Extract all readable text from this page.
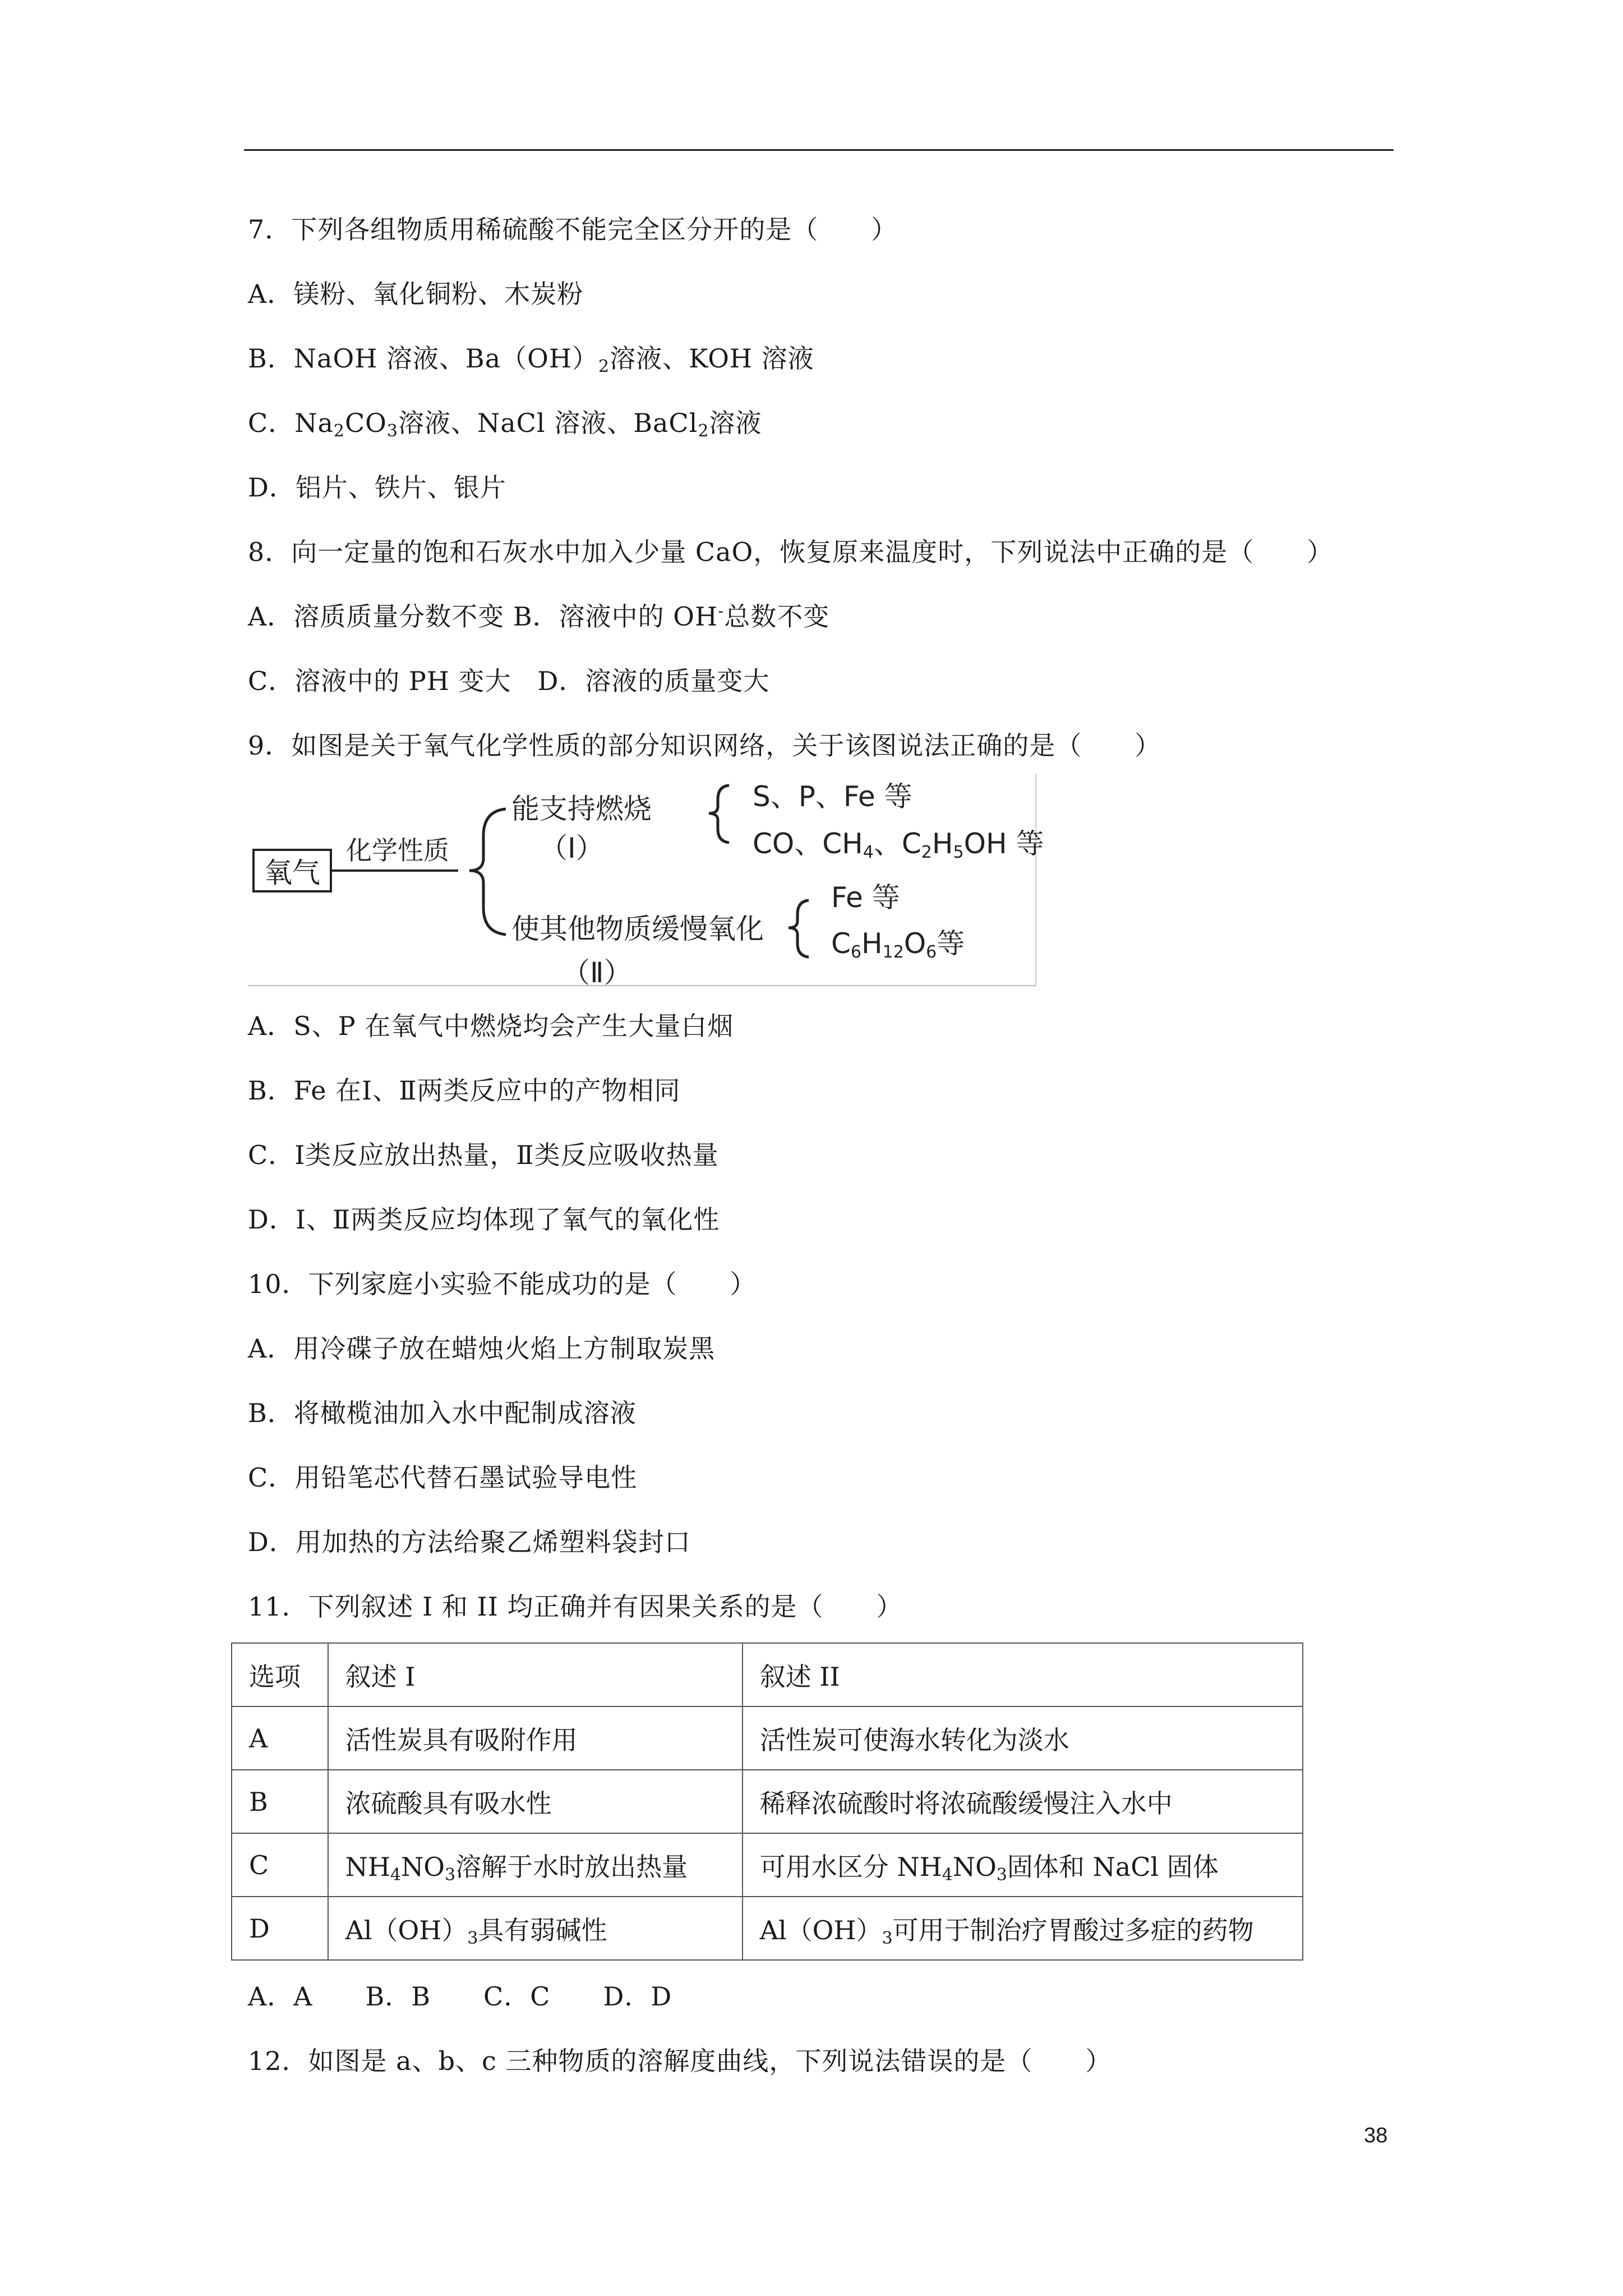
7．下列各组物质用稀硫酸不能完全区分开的是（　　）
A．镁粉、氧化铜粉、木炭粉
B．NaOH 溶液、$Ba(OH)_2$溶液、KOH 溶液
C．$Na_2CO_3$溶液、NaCl 溶液、BaCl$_2$溶液
D．铝片、铁片、银片
8．向一定量的饱和石灰水中加入少量 CaO，恢复原来温度时，下列说法中正确的是（　　）
A．溶质质量分数不变 B．溶液中的 OH-总数不变
C．溶液中的 PH 变大　D．溶液的质量变大
9．如图是关于氧气化学性质的部分知识网络，关于该图说法正确的是（　　）
氧气
化学性质
能支持燃烧
（Ⅰ）
S、P、Fe 等
CO、$CH_4$、$C_2H_5OH$ 等
使其他物质缓慢氧化
（Ⅱ）
Fe 等
$C_6H_{12}O_6$等
A．S、P 在氧气中燃烧均会产生大量白烟
B．Fe 在Ⅰ、Ⅱ两类反应中的产物相同
C．Ⅰ类反应放出热量，Ⅱ类反应吸收热量
D．Ⅰ、Ⅱ两类反应均体现了氧气的氧化性
10．下列家庭小实验不能成功的是（　　）
A．用冷碟子放在蜡烛火焰上方制取炭黑
B．将橄榄油加入水中配制成溶液
C．用铅笔芯代替石墨试验导电性
D．用加热的方法给聚乙烯塑料袋封口
11．下列叙述 I 和 II 均正确并有因果关系的是（　　）
选项	叙述 I	叙述 II
A	活性炭具有吸附作用	活性炭可使海水转化为淡水
B	浓硫酸具有吸水性	稀释浓硫酸时将浓硫酸缓慢注入水中
C	$NH_4NO_3$溶解于水时放出热量	可用水区分 $NH_4NO_3$固体和 NaCl 固体
D	$Al(OH)_3$具有弱碱性	$Al(OH)_3$可用于制治疗胃酸过多症的药物
A．A　　B．B　　C．C　　D．D
12．如图是 a、b、c 三种物质的溶解度曲线，下列说法错误的是（　　）
38
